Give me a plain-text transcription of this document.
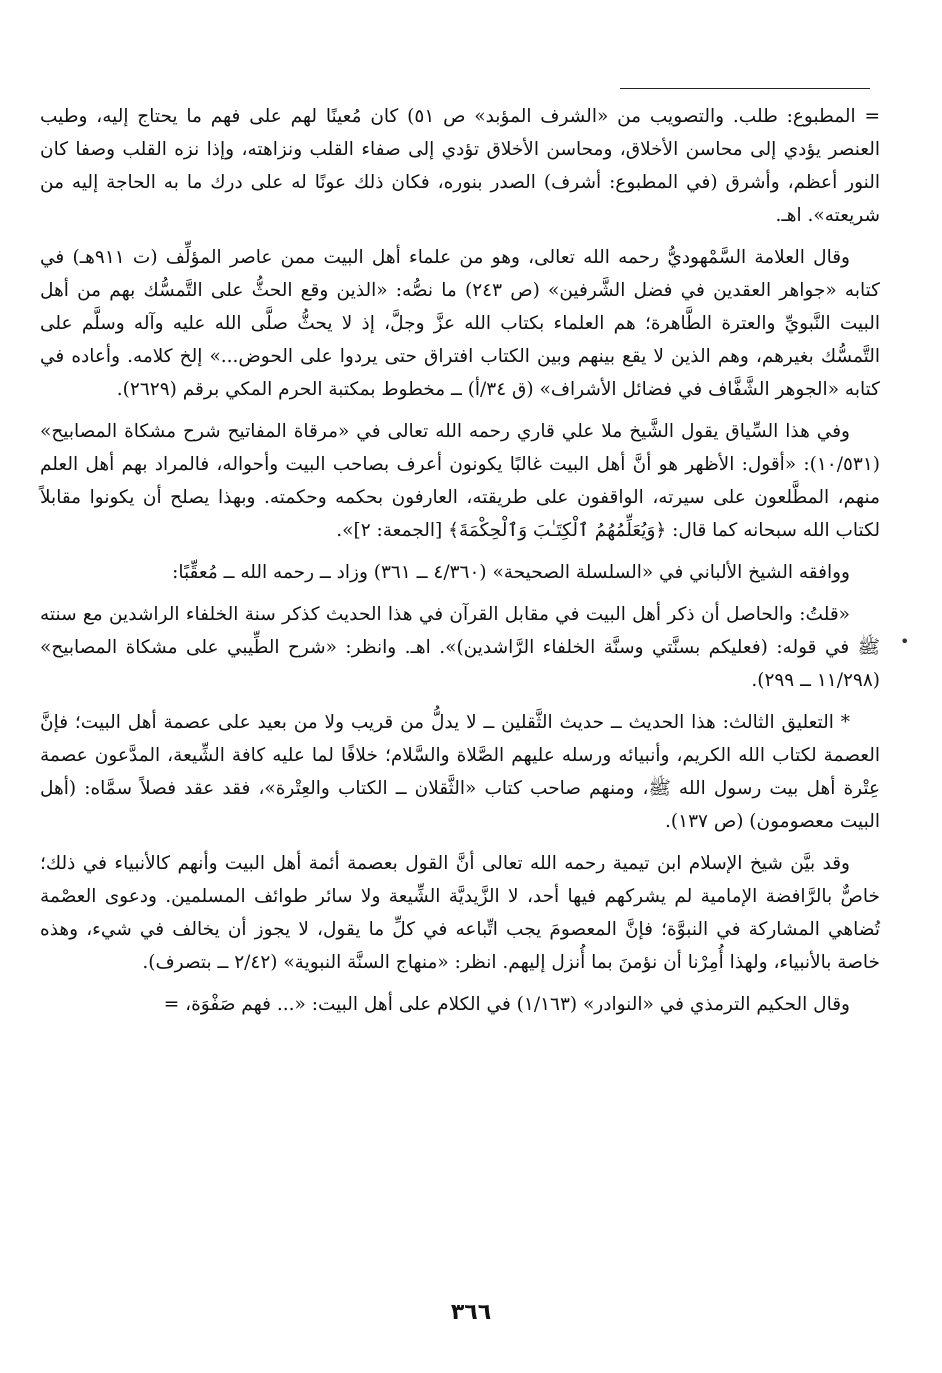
•

= المطبوع: طلب. والتصويب من «الشرف المؤبد» ص ٥١) كان مُعينًا لهم على فهم ما يحتاج إليه، وطيب العنصر يؤدي إلى محاسن الأخلاق، ومحاسن الأخلاق تؤدي إلى صفاء القلب ونزاهته، وإذا نزه القلب وصفا كان النور أعظم، وأشرق (في المطبوع: أشرف) الصدر بنوره، فكان ذلك عونًا له على درك ما به الحاجة إليه من شريعته». اهـ.

وقال العلامة السَّمْهوديُّ رحمه الله تعالى، وهو من علماء أهل البيت ممن عاصر المؤلِّف (ت ٩١١هـ) في كتابه «جواهر العقدين في فضل الشَّرفين» (ص ٢٤٣) ما نصُّه: «الذين وقع الحثُّ على التَّمسُّك بهم من أهل البيت النَّبويِّ والعترة الطَّاهرة؛ هم العلماء بكتاب الله عزَّ وجلَّ، إذ لا يحثُّ صلَّى الله عليه وآله وسلَّم على التَّمسُّك بغيرهم، وهم الذين لا يقع بينهم وبين الكتاب افتراق حتى يردوا على الحوض...» إلخ كلامه. وأعاده في كتابه «الجوهر الشَّفَّاف في فضائل الأشراف» (ق ٣٤/أ) ــ مخطوط بمكتبة الحرم المكي برقم (٢٦٢٩).

وفي هذا السِّياق يقول الشَّيخ ملا علي قاري رحمه الله تعالى في «مرقاة المفاتيح شرح مشكاة المصابيح» (١٠/٥٣١): «أقول: الأظهر هو أنَّ أهل البيت غالبًا يكونون أعرف بصاحب البيت وأحواله، فالمراد بهم أهل العلم منهم، المطَّلعون على سيرته، الواقفون على طريقته، العارفون بحكمه وحكمته. وبهذا يصلح أن يكونوا مقابلاً لكتاب الله سبحانه كما قال: ﴿وَيُعَلِّمُهُمُ ٱلْكِتَـٰبَ وَٱلْحِكْمَةَ﴾ [الجمعة: ٢]».

ووافقه الشيخ الألباني في «السلسلة الصحيحة» (٤/٣٦٠ ــ ٣٦١) وزاد ــ رحمه الله ــ مُعقِّبًا:

«قلتُ: والحاصل أن ذكر أهل البيت في مقابل القرآن في هذا الحديث كذكر سنة الخلفاء الراشدين مع سنته ﷺ في قوله: (فعليكم بسنَّتي وسنَّة الخلفاء الرَّاشدين)». اهـ. وانظر: «شرح الطِّيبي على مشكاة المصابيح» (١١/٢٩٨ ــ ٢٩٩).

* التعليق الثالث: هذا الحديث ــ حديث الثَّقلين ــ لا يدلُّ من قريب ولا من بعيد على عصمة أهل البيت؛ فإنَّ العصمة لكتاب الله الكريم، وأنبيائه ورسله عليهم الصَّلاة والسَّلام؛ خلافًا لما عليه كافة الشِّيعة، المدَّعون عصمة عِتْرة أهل بيت رسول الله ﷺ، ومنهم صاحب كتاب «الثَّقلان ــ الكتاب والعِتْرة»، فقد عقد فصلاً سمَّاه: (أهل البيت معصومون) (ص ١٣٧).

وقد بيَّن شيخ الإسلام ابن تيمية رحمه الله تعالى أنَّ القول بعصمة أئمة أهل البيت وأنهم كالأنبياء في ذلك؛ خاصٌّ بالرَّافضة الإمامية لم يشركهم فيها أحد، لا الزَّيديَّة الشِّيعة ولا سائر طوائف المسلمين. ودعوى العصْمة تُضاهي المشاركة في النبوَّة؛ فإنَّ المعصومَ يجب اتِّباعه في كلِّ ما يقول، لا يجوز أن يخالف في شيء، وهذه خاصة بالأنبياء، ولهذا أُمِرْنا أن نؤمنَ بما أُنزل إليهم. انظر: «منهاج السنَّة النبوية» (٢/٤٢ ــ بتصرف).

وقال الحكيم الترمذي في «النوادر» (١/١٦٣) في الكلام على أهل البيت: «... فهم صَفْوَة، =

٣٦٦
